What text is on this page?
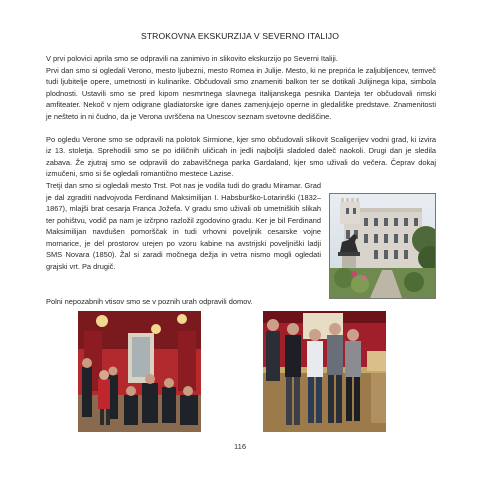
STROKOVNA EKSKURZIJA V SEVERNO ITALIJO

V prvi polovici aprila smo se odpravili na zanimivo in slikovito ekskurzijo po Severni Italiji.

Prvi dan smo si ogledali Verono, mesto ljubezni, mesto Romea in Julije. Mesto, ki ne preprića le zaljubljencev, temveč tudi ljubitelje opere, umetnosti in kulinarike. Občudovali smo znameniti balkon ter se dotikali Julijinega kipa, simbola plodnosti. Ustavili smo se pred kipom nesmrtnega slavnega italijanskega pesnika Danteja ter občudovali rimski amfiteater. Nekoč v njem odigrane gladiatorske igre danes zamenjujejo operne in gledališke predstave. Znamenitosti je nešteto in ni čudno, da je Verona uvrščena na Unescov seznam svetovne dediščine.

Po ogledu Verone smo se odpravili na polotok Sirmione, kjer smo občudovali slikovit Scaligerijev vodni grad, ki izvira iz 13. stoletja. Sprehodili smo se po idiličnih uličicah in jedli najboljši sladoled daleč naokoli. Drugi dan je sledila zabava. Že zjutraj smo se odpravili do zabaviščnega parka Gardaland, kjer smo uživali do večera. Čeprav dokaj izmučeni, smo si še ogledali romantično mestece Lazise.

Tretji dan smo si ogledali mesto Trst. Pot nas je vodila tudi do gradu Miramar. Grad je dal zgraditi nadvojvoda Ferdinand Maksimilijan I. Habsburško-Lotarinški (1832–1867), mlajši brat cesarja Franca Jožefa. V gradu smo uživali ob umetniških slikah ter pohištvu, vodič pa nam je izčrpno razložil zgodovino gradu. Ker je bil Ferdinand Maksimilijan navdušen pomorščak in tudi vrhovni poveljnik cesarske vojne mornarice, je del prostorov urejen po vzoru kabine na avstrijski poveljniški ladji SMS Novara (1850). Žal si zaradi močnega dežja in vetra nismo mogli ogledati grajski vrt. Pa drugič.

Polni nepozabnih vtisov smo se v poznih urah odpravili domov.

116
